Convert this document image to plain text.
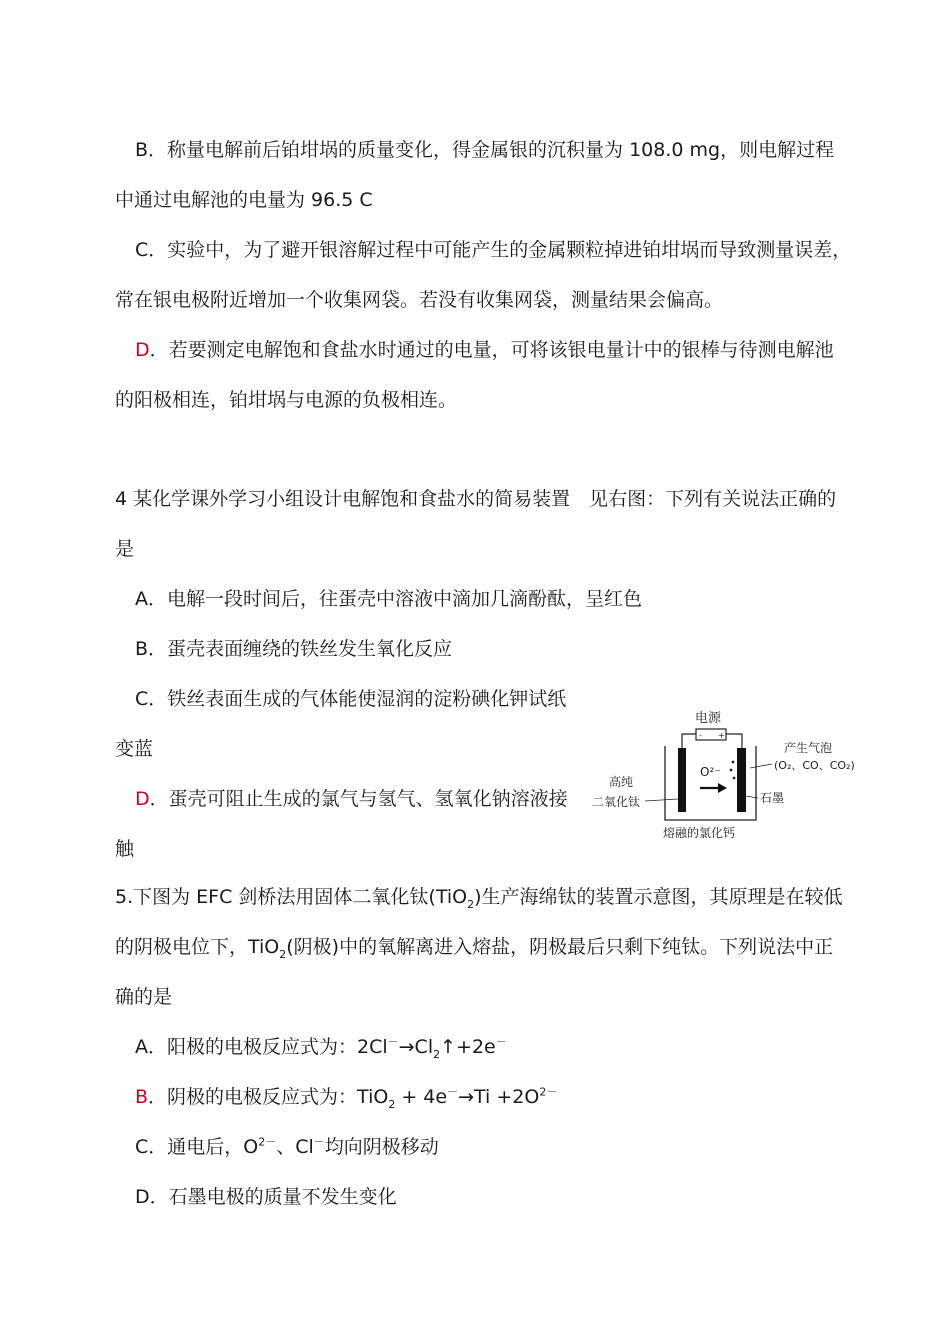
B．称量电解前后铂坩埚的质量变化，得金属银的沉积量为 108.0 mg，则电解过程
中通过电解池的电量为 96.5 C
C．实验中，为了避开银溶解过程中可能产生的金属颗粒掉进铂坩埚而导致测量误差，
常在银电极附近增加一个收集网袋。若没有收集网袋，测量结果会偏高。
D．若要测定电解饱和食盐水时通过的电量，可将该银电量计中的银棒与待测电解池
的阳极相连，铂坩埚与电源的负极相连。
4 某化学课外学习小组设计电解饱和食盐水的简易装置　见右图：下列有关说法正确的
是
A．电解一段时间后，往蛋壳中溶液中滴加几滴酚酞，呈红色
B．蛋壳表面缠绕的铁丝发生氧化反应
C．铁丝表面生成的气体能使湿润的淀粉碘化钾试纸
变蓝
D．蛋壳可阻止生成的氯气与氢气、氢氧化钠溶液接
触
电源
- +
O²⁻
产生气泡
(O₂、CO、CO₂)
高纯
二氧化钛	石墨
熔融的氯化钙
5.下图为 EFC 剑桥法用固体二氧化钛(TiO$_2$)生产海绵钛的装置示意图，其原理是在较低
的阴极电位下，TiO$_2$(阴极)中的氧解离进入熔盐，阴极最后只剩下纯钛。下列说法中正
确的是
A．阳极的电极反应式为：$2Cl^-\to Cl_2↑+2e^-$
B．阴极的电极反应式为：$TiO_2 + 4e^-\to Ti +2O^{2-}$
C．通电后，$O^{2-}$、Cl－均向阴极移动
D．石墨电极的质量不发生变化
